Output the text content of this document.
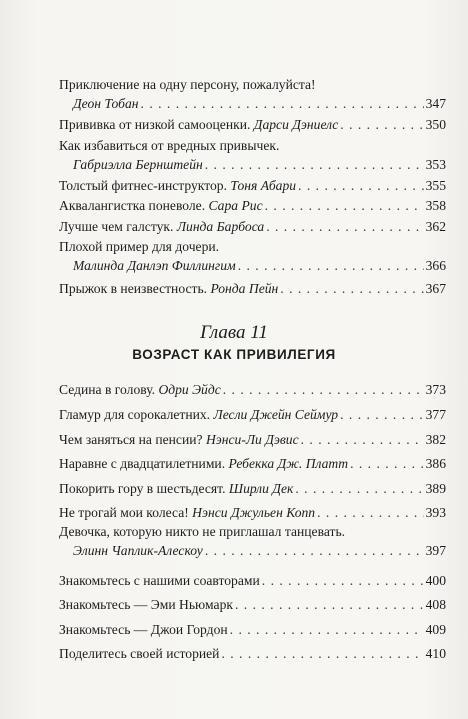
Приключение на одну персону, пожалуйста!
Деон Тобан . . .	347
Прививка от низкой самооценки.
Дарси Дэниелс . . .	350
Как избавиться от вредных привычек.
Габриэлла Бернштейн . . .	353
Толстый фитнес-инструктор.
Тоня Абари . . .	355
Аквалангистка поневоле.
Сара Рис . . .	358
Лучше чем галстук.
Линда Барбоса . . .	362
Плохой пример для дочери.
Малинда Данлэп Филлингим . . .	366
Прыжок в неизвестность.
Ронда Пейн . . .	367
Седина в голову.
Одри Эйдс . . .	373
Гламур для сорокалетних.
Лесли Джейн Сеймур . . .	377
Чем заняться на пенсии?
Нэнси-Ли Дэвис . . .	382
Наравне с двадцатилетними.
Ребекка Дж. Платт . . .	386
Покорить гору в шестьдесят.
Ширли Дек . . .	389
Не трогай мои колеса!
Нэнси Джульен Копп . . .	393
Девочка, которую никто не приглашал танцевать.
Элинн Чаплик-Алескоу . . .	397
Знакомьтесь с нашими соавторами . . .	400
Знакомьтесь — Эми Ньюмарк . . .	408
Знакомьтесь — Джои Гордон . . .	409
Поделитесь своей историей . . .	410
Глава 11
ВОЗРАСТ КАК ПРИВИЛЕГИЯ
